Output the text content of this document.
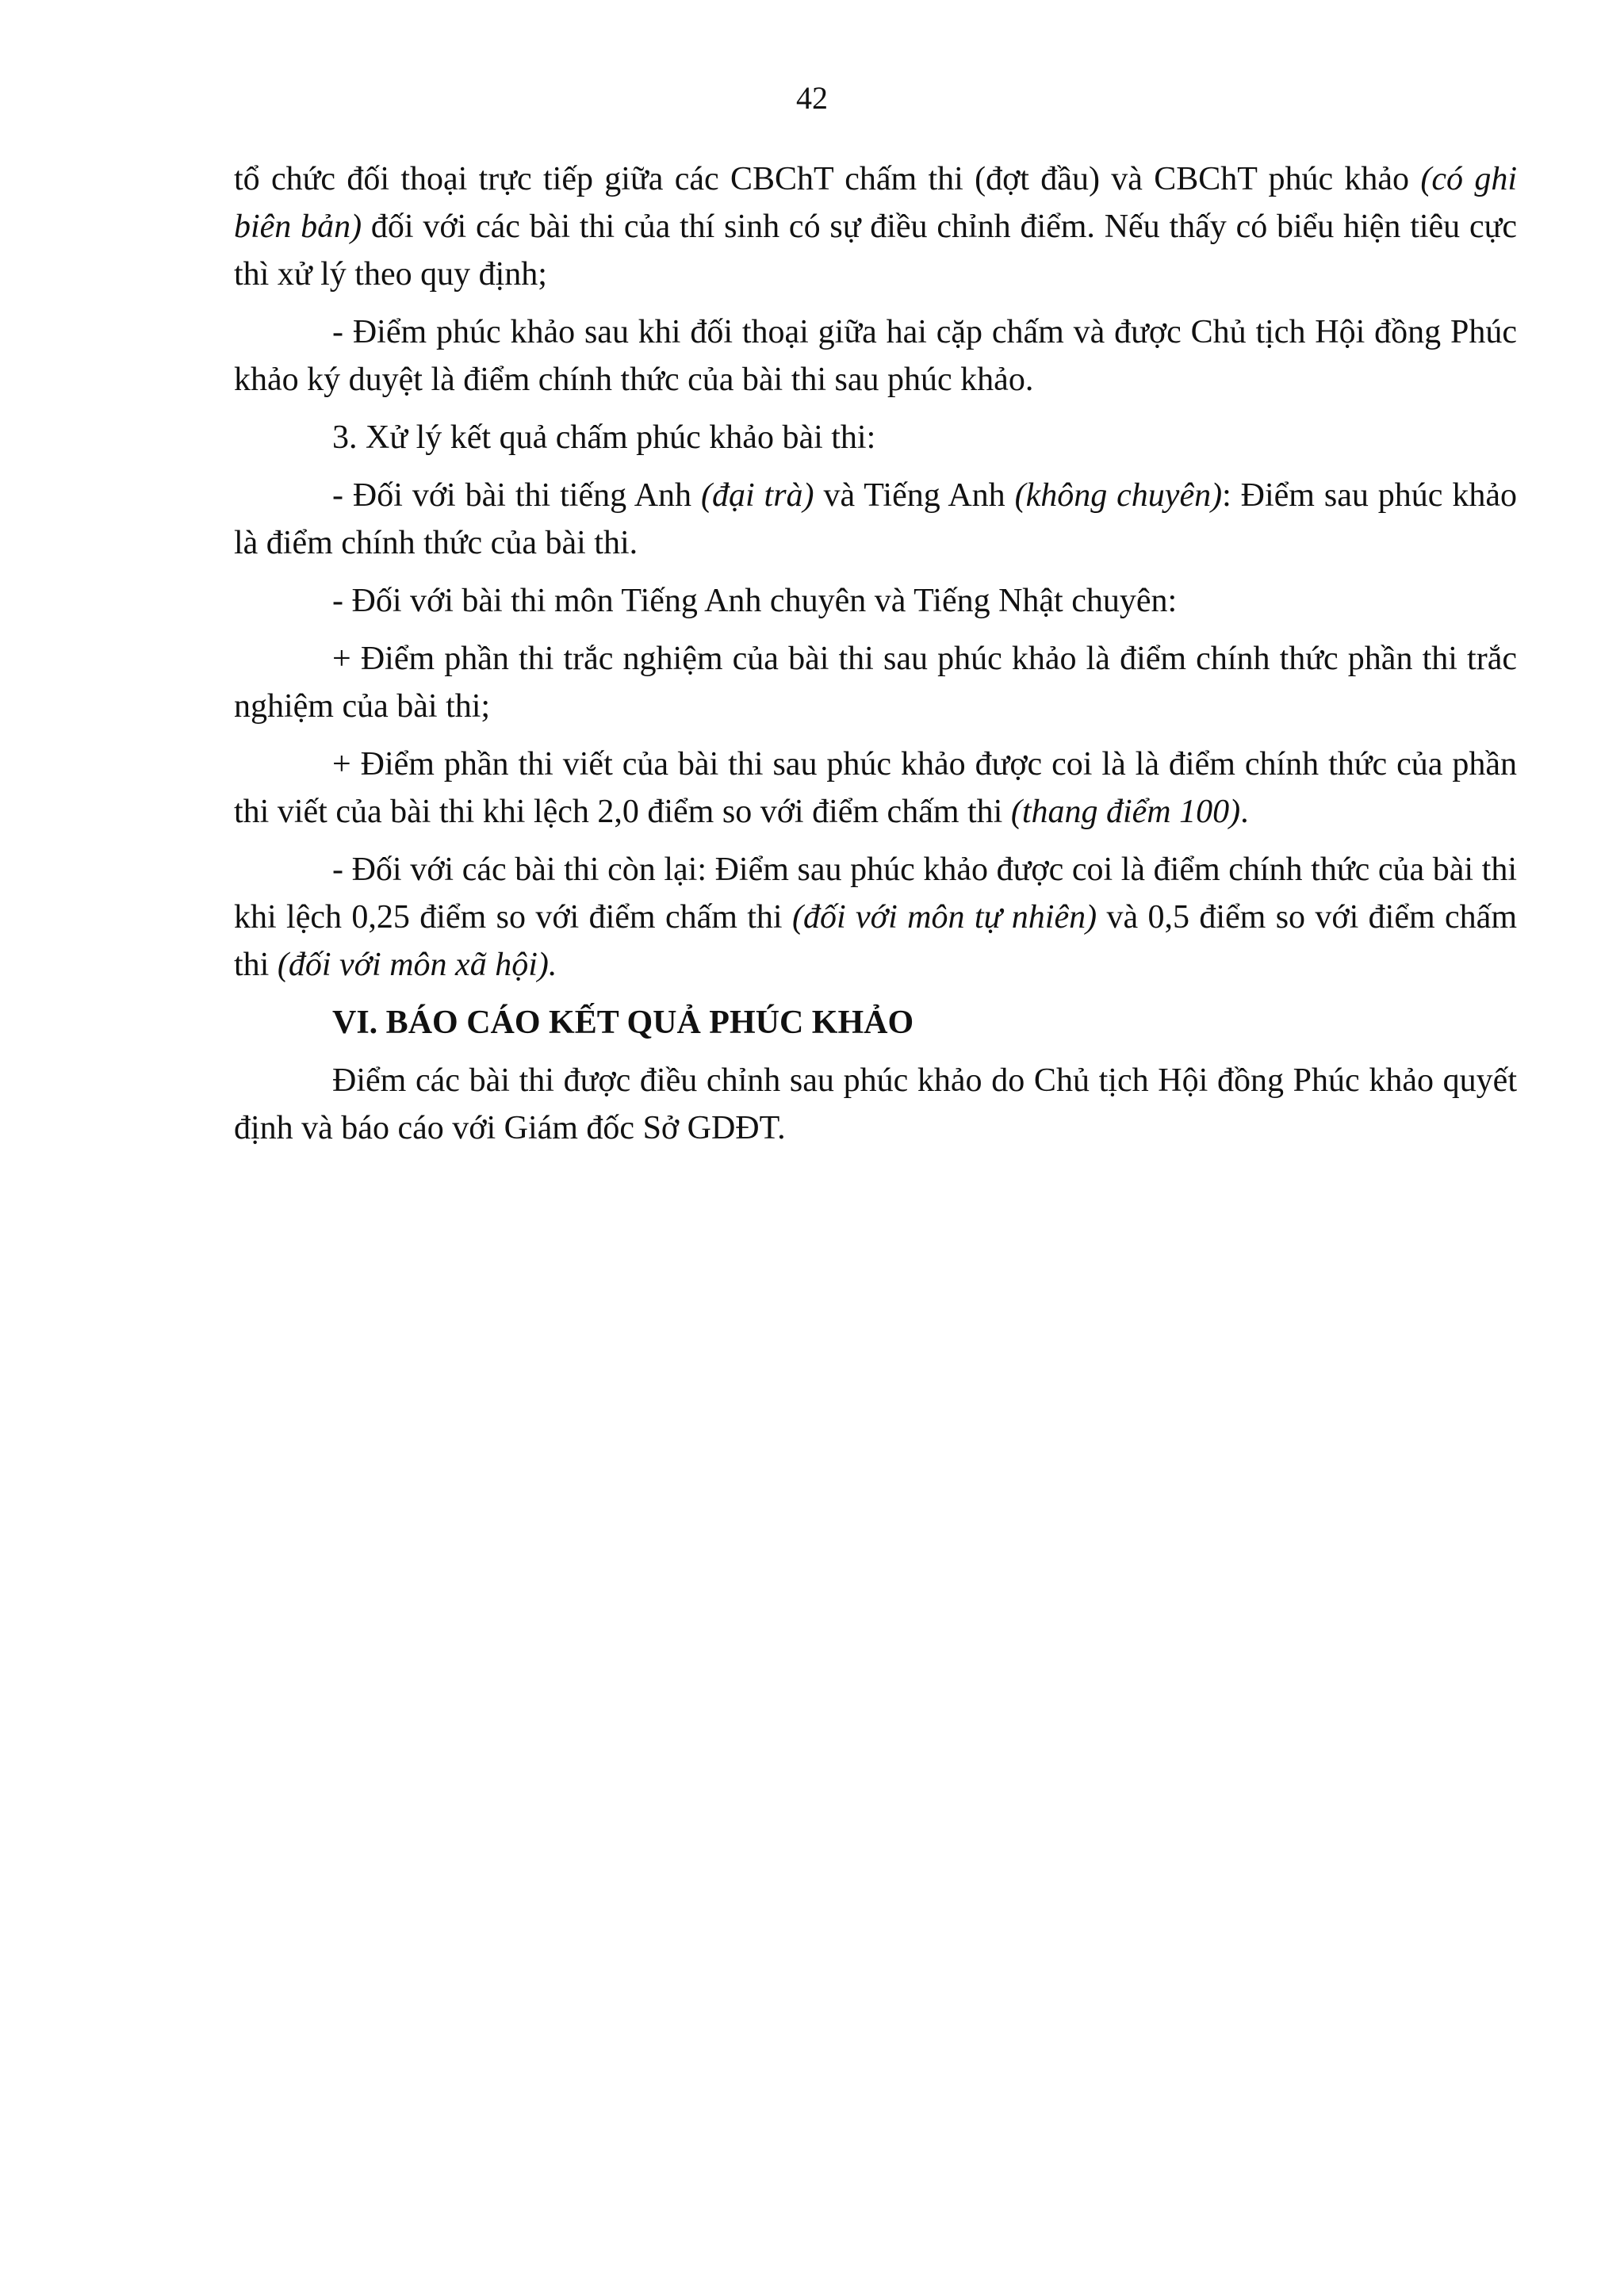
42

tổ chức đối thoại trực tiếp giữa các CBChT chấm thi (đợt đầu) và CBChT phúc khảo (có ghi biên bản) đối với các bài thi của thí sinh có sự điều chỉnh điểm. Nếu thấy có biểu hiện tiêu cực thì xử lý theo quy định;

- Điểm phúc khảo sau khi đối thoại giữa hai cặp chấm và được Chủ tịch Hội đồng Phúc khảo ký duyệt là điểm chính thức của bài thi sau phúc khảo.

3. Xử lý kết quả chấm phúc khảo bài thi:

- Đối với bài thi tiếng Anh (đại trà) và Tiếng Anh (không chuyên): Điểm sau phúc khảo là điểm chính thức của bài thi.

- Đối với bài thi môn Tiếng Anh chuyên và Tiếng Nhật chuyên:

+ Điểm phần thi trắc nghiệm của bài thi sau phúc khảo là điểm chính thức phần thi trắc nghiệm của bài thi;

+ Điểm phần thi viết của bài thi sau phúc khảo được coi là là điểm chính thức của phần thi viết của bài thi khi lệch 2,0 điểm so với điểm chấm thi (thang điểm 100).

- Đối với các bài thi còn lại: Điểm sau phúc khảo được coi là điểm chính thức của bài thi khi lệch 0,25 điểm so với điểm chấm thi (đối với môn tự nhiên) và 0,5 điểm so với điểm chấm thi (đối với môn xã hội).

VI. BÁO CÁO KẾT QUẢ PHÚC KHẢO

Điểm các bài thi được điều chỉnh sau phúc khảo do Chủ tịch Hội đồng Phúc khảo quyết định và báo cáo với Giám đốc Sở GDĐT.
